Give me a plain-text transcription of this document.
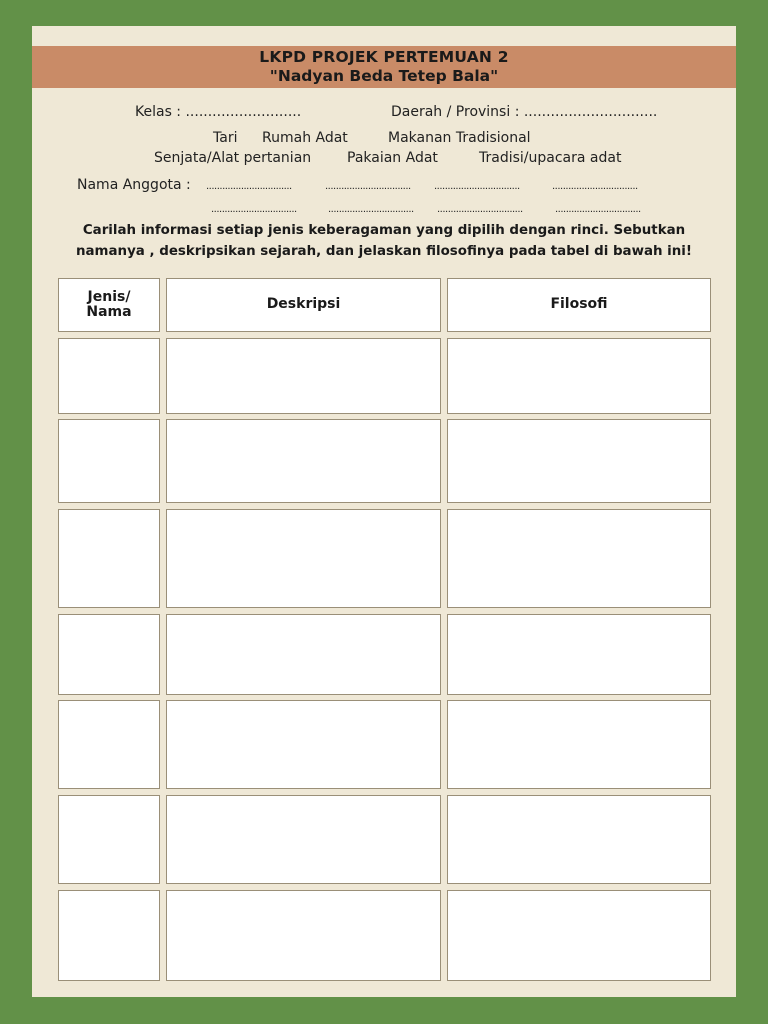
LKPD PROJEK PERTEMUAN 2
"Nadyan Beda Tetep Bala"
Kelas : ..........................	Daerah / Provinsi : ..............................
Tari Rumah Adat	Makanan Tradisional
Senjata/Alat pertanian	Pakaian Adat	Tradisi/upacara adat
Nama Anggota : ................................	................................ ................................	................................
................................	................................ ................................	................................
Carilah informasi setiap jenis keberagaman yang dipilih dengan rinci. Sebutkan
namanya , deskripsikan sejarah, dan jelaskan filosofinya pada tabel di bawah ini!
Jenis/
Nama	Deskripsi	Filosofi
